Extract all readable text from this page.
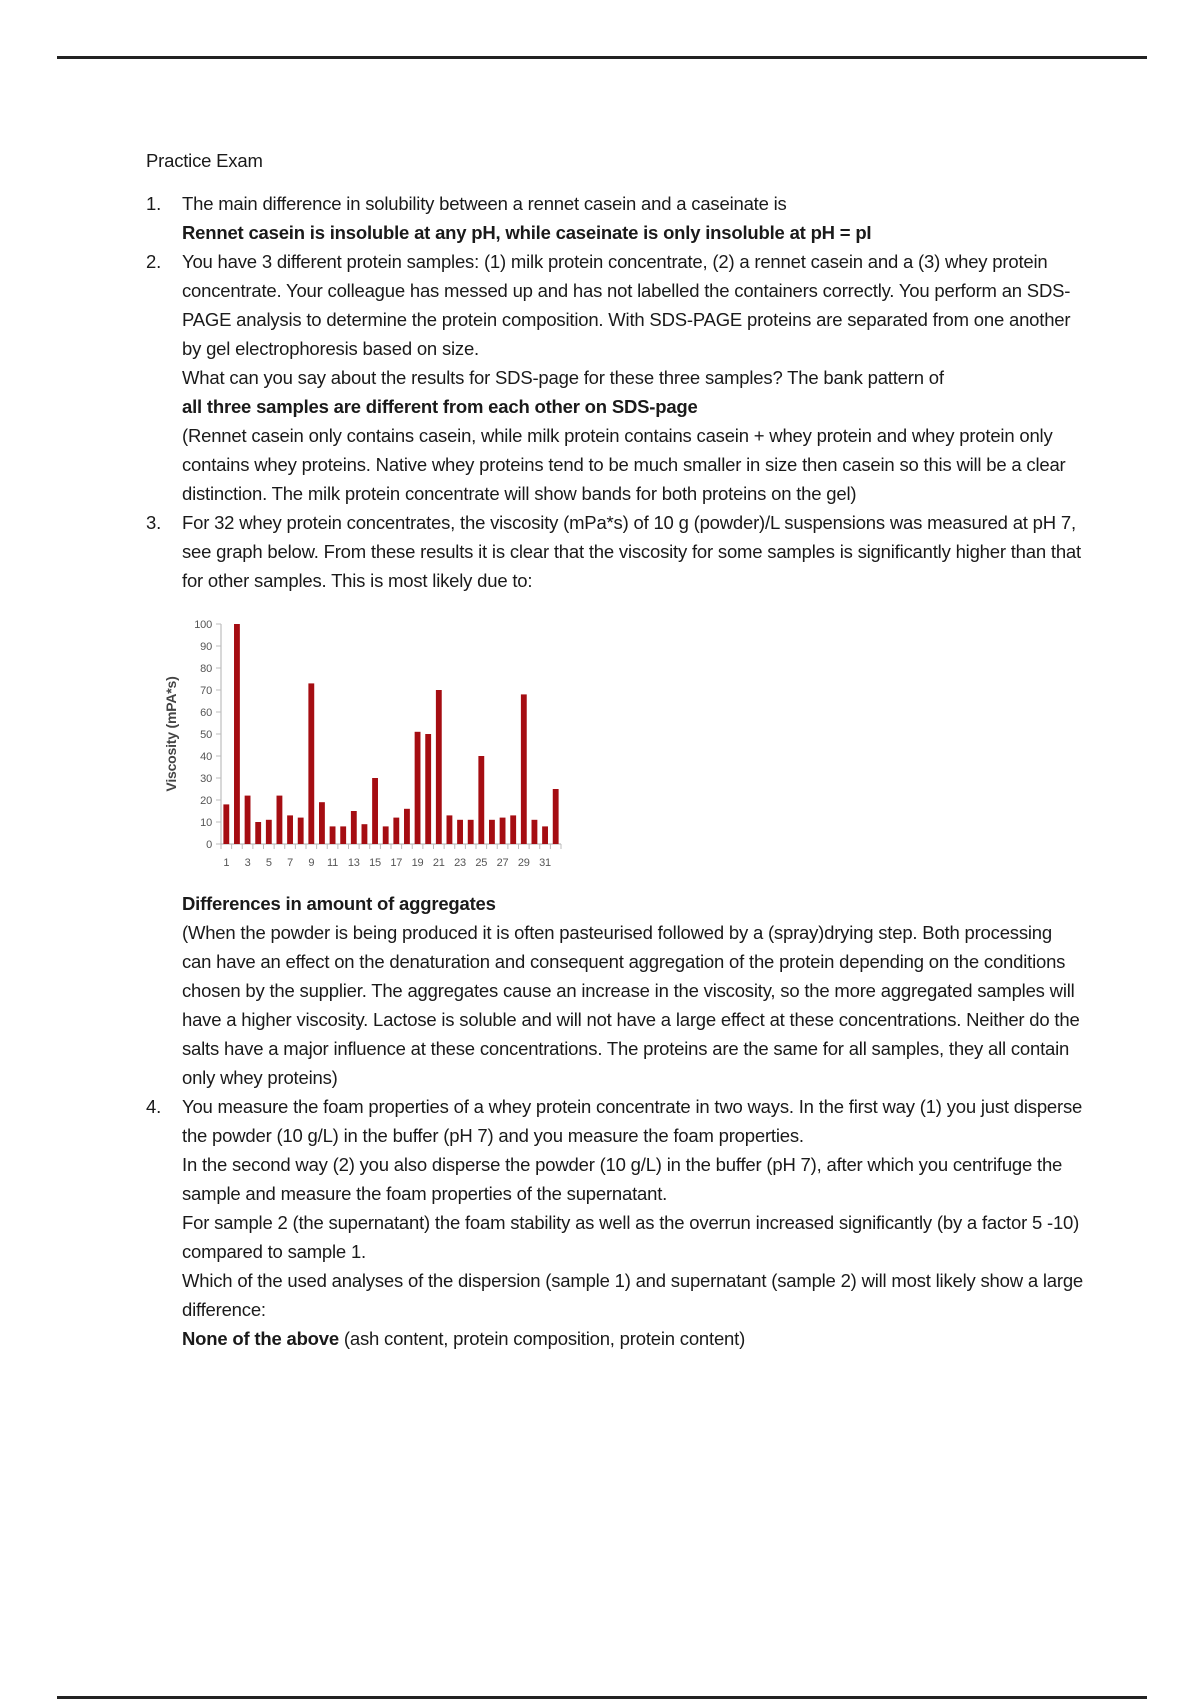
Practice Exam
1. The main difference in solubility between a rennet casein and a caseinate is
Rennet casein is insoluble at any pH, while caseinate is only insoluble at pH = pI
2. You have 3 different protein samples: (1) milk protein concentrate, (2) a rennet casein and a (3) whey protein concentrate. Your colleague has messed up and has not labelled the containers correctly. You perform an SDS-PAGE analysis to determine the protein composition. With SDS-PAGE proteins are separated from one another by gel electrophoresis based on size.
What can you say about the results for SDS-page for these three samples? The bank pattern of
all three samples are different from each other on SDS-page
(Rennet casein only contains casein, while milk protein contains casein + whey protein and whey protein only contains whey proteins. Native whey proteins tend to be much smaller in size then casein so this will be a clear distinction. The milk protein concentrate will show bands for both proteins on the gel)
3. For 32 whey protein concentrates, the viscosity (mPa*s) of 10 g (powder)/L suspensions was measured at pH 7, see graph below. From these results it is clear that the viscosity for some samples is significantly higher than that for other samples. This is most likely due to:
0
10
20
30
40
50
60
70
80
90
100
1 3 5 7 9 11 13 15 17 19 21 23 25 27 29 31
Viscosity (mPA*s)
Differences in amount of aggregates
(When the powder is being produced it is often pasteurised followed by a (spray)drying step. Both processing can have an effect on the denaturation and consequent aggregation of the protein depending on the conditions chosen by the supplier. The aggregates cause an increase in the viscosity, so the more aggregated samples will have a higher viscosity. Lactose is soluble and will not have a large effect at these concentrations. Neither do the salts have a major influence at these concentrations. The proteins are the same for all samples, they all contain only whey proteins)
4. You measure the foam properties of a whey protein concentrate in two ways. In the first way (1) you just disperse the powder (10 g/L) in the buffer (pH 7) and you measure the foam properties.
In the second way (2) you also disperse the powder (10 g/L) in the buffer (pH 7), after which you centrifuge the sample and measure the foam properties of the supernatant.
For sample 2 (the supernatant) the foam stability as well as the overrun increased significantly (by a factor 5 -10) compared to sample 1.
Which of the used analyses of the dispersion (sample 1) and supernatant (sample 2) will most likely show a large difference:
None of the above (ash content, protein composition, protein content)
